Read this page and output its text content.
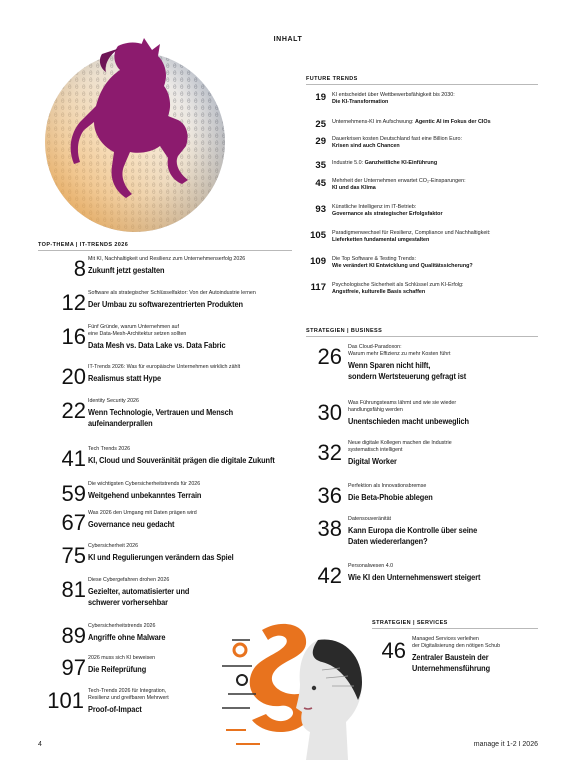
INHALT
TOP-THEMA | IT-TRENDS 2026
8 Mit KI, Nachhaltigkeit und Resilienz zum Unternehmenserfolg 2026
Zukunft jetzt gestalten
12 Software als strategischer Schlüsselfaktor: Von der Autoindustrie lernen
Der Umbau zu softwarezentrierten Produkten
16 Fünf Gründe, warum Unternehmen auf
eine Data-Mesh-Architektur setzen sollten
Data Mesh vs. Data Lake vs. Data Fabric
20 IT-Trends 2026: Was für europäische Unternehmen wirklich zählt
Realismus statt Hype
22 Identity Security 2026
Wenn Technologie, Vertrauen und Mensch
aufeinanderprallen
41 Tech Trends 2026
KI, Cloud und Souveränität prägen die digitale Zukunft
59 Die wichtigsten Cybersicherheitstrends für 2026
Weitgehend unbekanntes Terrain
67 Was 2026 den Umgang mit Daten prägen wird
Governance neu gedacht
75 Cybersicherheit 2026
KI und Regulierungen verändern das Spiel
81 Diese Cybergefahren drohen 2026
Gezielter, automatisierter und
schwerer vorhersehbar
89 Cybersicherheitstrends 2026
Angriffe ohne Malware
97 2026 muss sich KI beweisen
Die Reifeprüfung
101 Tech-Trends 2026 für Integration,
Resilienz und greifbaren Mehrwert
Proof-of-Impact
FUTURE TRENDS
19 KI entscheidet über Wettbewerbsfähigkeit bis 2030:
Die KI-Transformation
25 Unternehmens-KI im Aufschwung: Agentic AI im Fokus der CIOs
29 Dauerkrisen kosten Deutschland fast eine Billion Euro:
Krisen sind auch Chancen
35 Industrie 5.0: Ganzheitliche KI-Einführung
45 Mehrheit der Unternehmen erwartet CO₂-Einsparungen:
KI und das Klima
93 Künstliche Intelligenz im IT-Betrieb:
Governance als strategischer Erfolgsfaktor
105 Paradigmenwechsel für Resilienz, Compliance und Nachhaltigkeit:
Lieferketten fundamental umgestalten
109 Die Top Software & Testing Trends:
Wie verändert KI Entwicklung und Qualitätssicherung?
117 Psychologische Sicherheit als Schlüssel zum KI-Erfolg:
Angstfreie, kulturelle Basis schaffen
STRATEGIEN | BUSINESS
26 Das Cloud-Paradoxon:
Warum mehr Effizienz zu mehr Kosten führt
Wenn Sparen nicht hilft,
sondern Wertsteuerung gefragt ist
30 Was Führungsteams lähmt und wie sie wieder
handlungsfähig werden
Unentschieden macht unbeweglich
32 Neue digitale Kollegen machen die Industrie
systematisch intelligent
Digital Worker
36 Perfektion als Innovationsbremse
Die Beta-Phobie ablegen
38 Datensouveränität
Kann Europa die Kontrolle über seine
Daten wiedererlangen?
42 Personalwesen 4.0
Wie KI den Unternehmenswert steigert
STRATEGIEN | SERVICES
46 Managed Services verleihen
der Digitalisierung den nötigen Schub
Zentraler Baustein der
Unternehmensführung
4	manage it 1-2 I 2026
